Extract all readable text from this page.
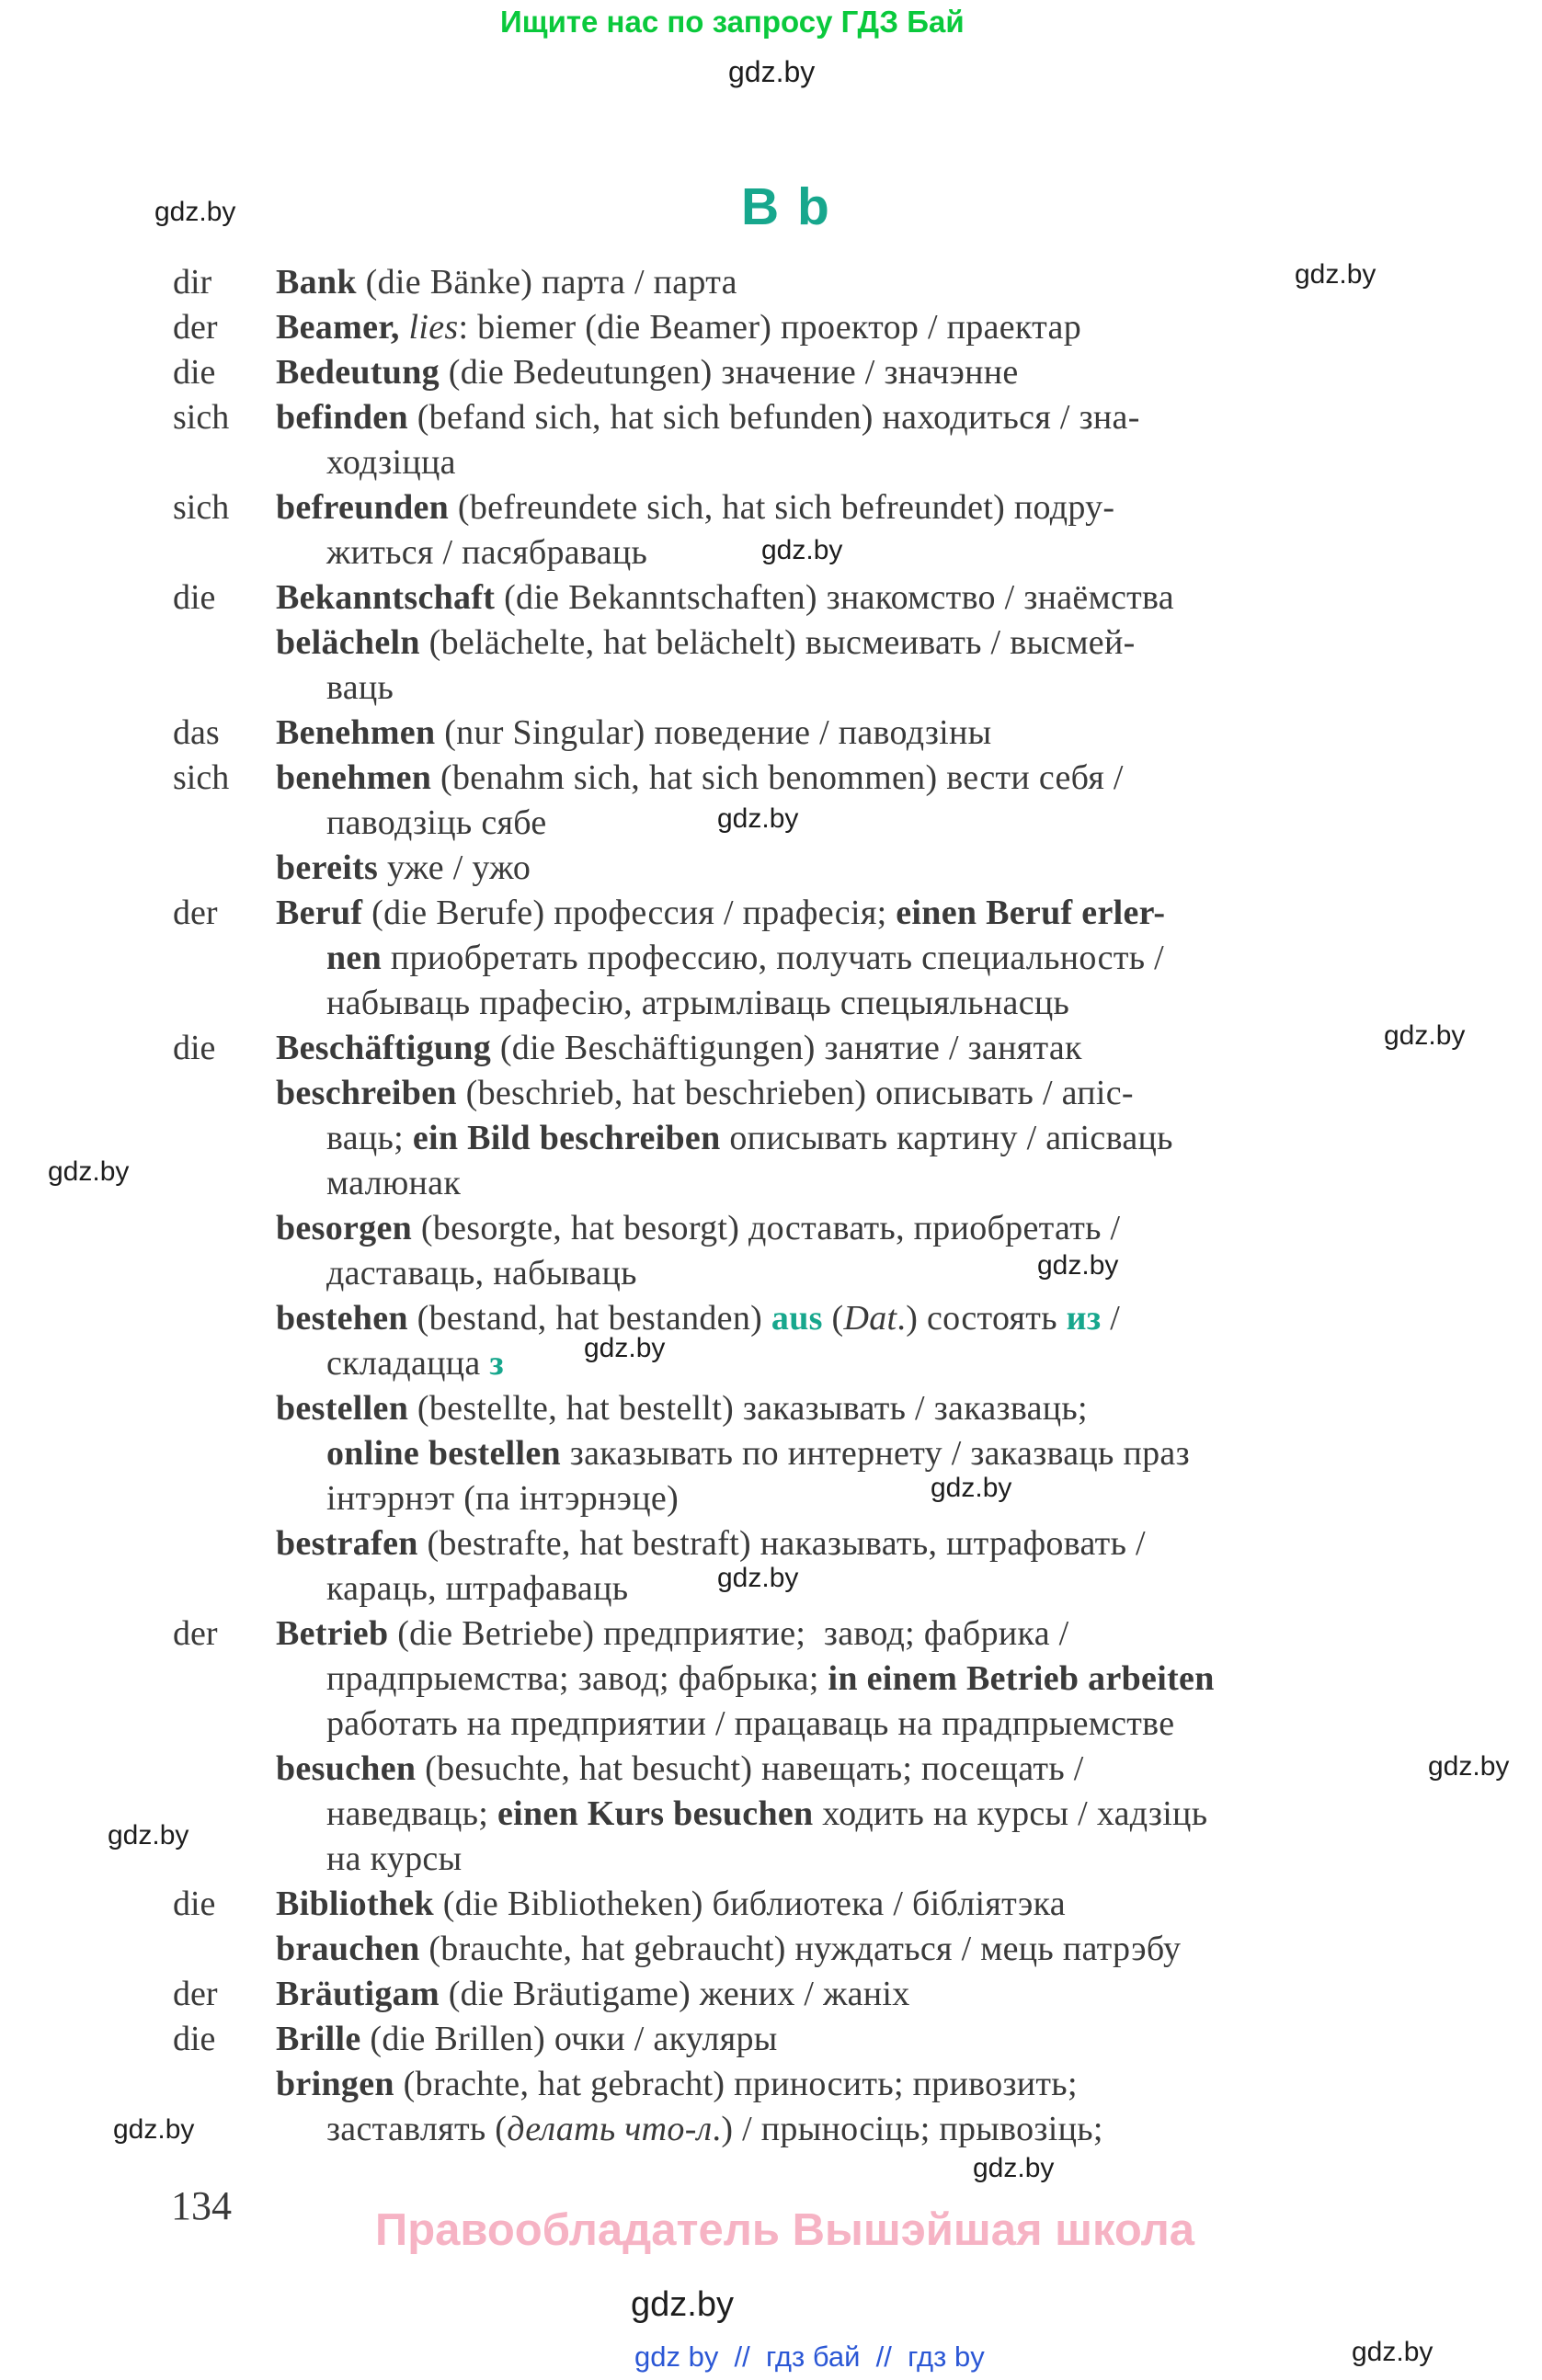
Ищите нас по запросу ГДЗ Бай
B b
gdz.by
gdz.by
gdz.by
gdz.by
gdz.by
gdz.by
gdz.by
gdz.by
gdz.by
gdz.by
gdz.by
gdz.by
gdz.by
gdz.by
gdz.by
gdz.by
dir	Bank (die Bänke) парта / парта
der	Beamer, lies: biemer (die Beamer) проектор / праектар
die	Bedeutung (die Bedeutungen) значение / значэнне
sich	befinden (befand sich, hat sich befunden) находиться / зна-
ходзіцца
sich	befreunden (befreundete sich, hat sich befreundet) подру-
житься / пасябраваць
die	Bekanntschaft (die Bekanntschaften) знакомство / знаёмства
belächeln (belächelte, hat belächelt) высмеивать / высмей-
ваць
das	Benehmen (nur Singular) поведение / паводзіны
sich	benehmen (benahm sich, hat sich benommen) вести себя /
паводзіць сябе
bereits уже / ужо
der	Beruf (die Berufe) профессия / прафесія; einen Beruf erler-
nen приобретать профессию, получать специальность /
набываць прафесію, атрымліваць спецыяльнасць
die	Beschäftigung (die Beschäftigungen) занятие / занятак
beschreiben (beschrieb, hat beschrieben) описывать / апіс-
ваць; ein Bild beschreiben описывать картину / апісваць
малюнак
besorgen (besorgte, hat besorgt) доставать, приобретать /
даставаць, набываць
bestehen (bestand, hat bestanden) aus (Dat.) состоять из /
складацца з
bestellen (bestellte, hat bestellt) заказывать / заказваць;
online bestellen заказывать по интернету / заказваць праз
інтэрнэт (па інтэрнэце)
bestrafen (bestrafte, hat bestraft) наказывать, штрафовать /
караць, штрафаваць
der	Betrieb (die Betriebe) предприятие;  завод; фабрика /
прадпрыемства; завод; фабрыка; in einem Betrieb arbeiten
работать на предприятии / працаваць на прадпрыемстве
besuchen (besuchte, hat besucht) навещать; посещать /
наведваць; einen Kurs besuchen ходить на курсы / хадзіць
на курсы
die	Bibliothek (die Bibliotheken) библиотека / бібліятэка
brauchen (brauchte, hat gebraucht) нуждаться / мець патрэбу
der	Bräutigam (die Bräutigame) жених / жаніх
die	Brille (die Brillen) очки / акуляры
bringen (brachte, hat gebracht) приносить; привозить;
заставлять (делать что-л.) / прыносіць; прывозіць;
134	Правообладатель Вышэйшая школа
gdz.by
gdz by  //  гдз бай  //  гдз by
